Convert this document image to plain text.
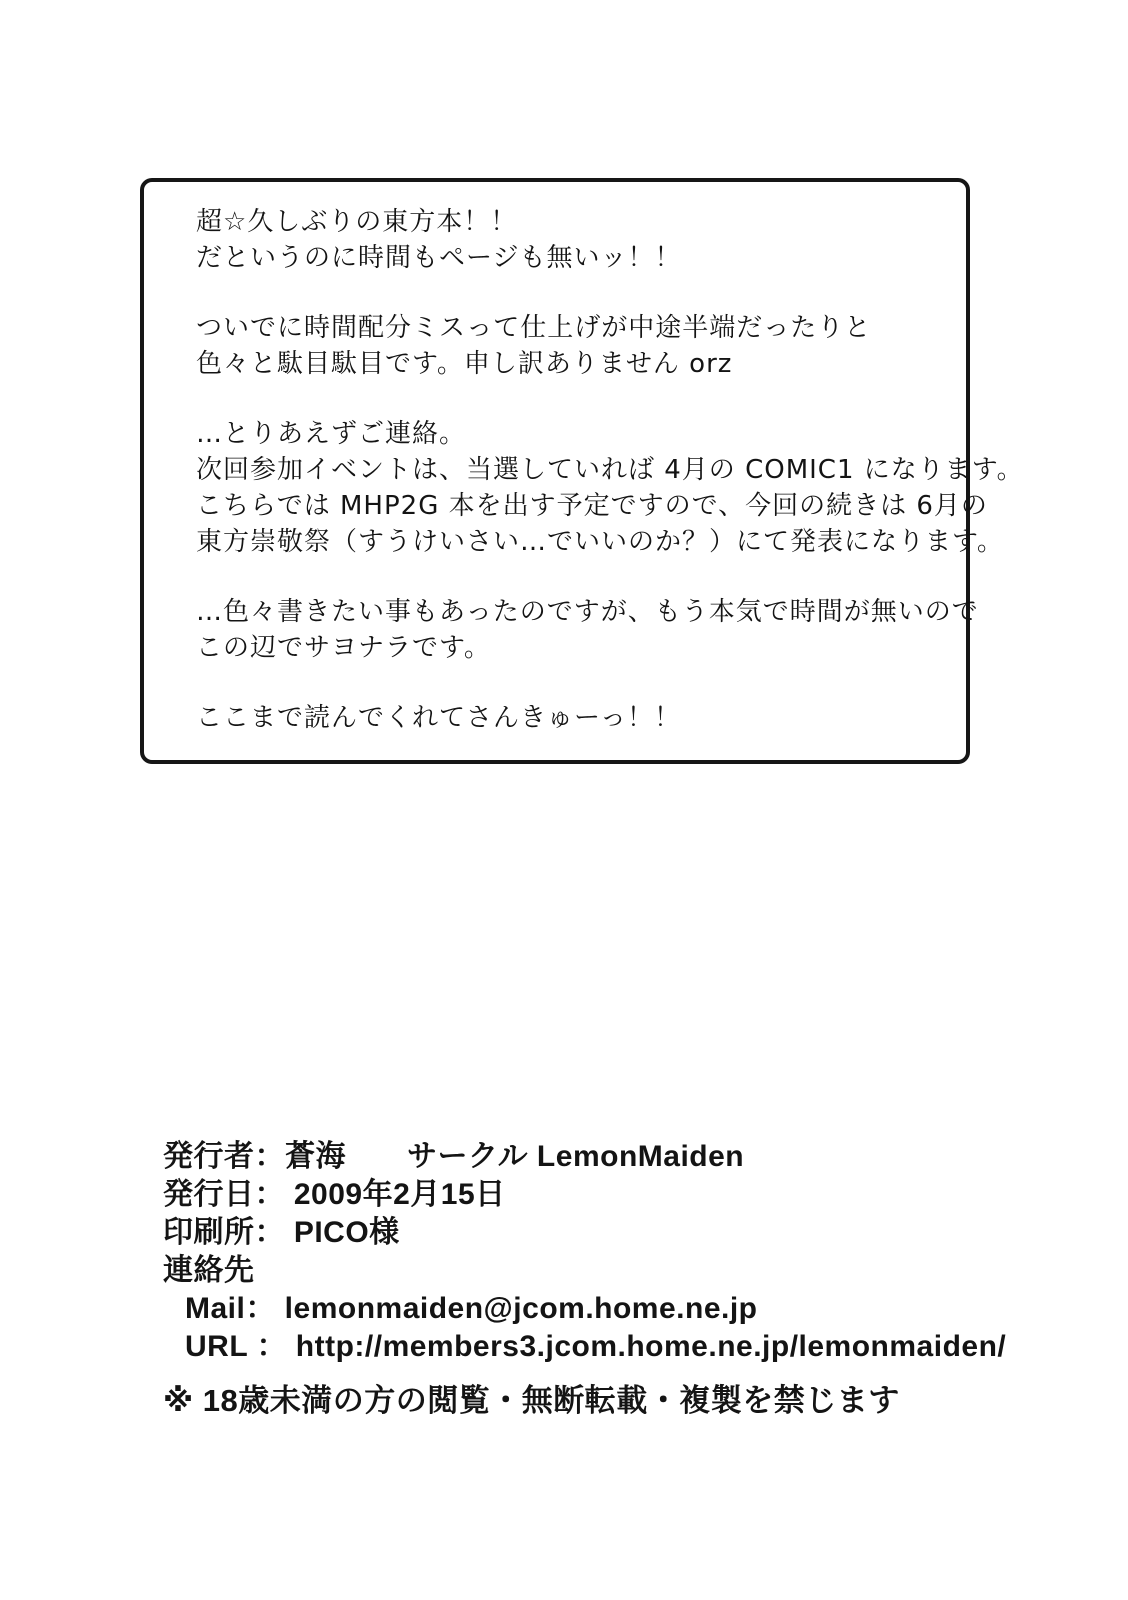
超☆久しぶりの東方本！！
だというのに時間もページも無いッ！！

ついでに時間配分ミスって仕上げが中途半端だったりと
色々と駄目駄目です。申し訳ありません orz

…とりあえずご連絡。
次回参加イベントは、当選していれば 4月の COMIC1 になります。
こちらでは MHP2G 本を出す予定ですので、今回の続きは 6月の
東方崇敬祭（すうけいさい…でいいのか？）にて発表になります。

…色々書きたい事もあったのですが、もう本気で時間が無いので
この辺でサヨナラです。

ここまで読んでくれてさんきゅーっ！！

発行者：蒼海　　サークル LemonMaiden
発行日： 2009年2月15日
印刷所： PICO様
連絡先
Mail： lemonmaiden@jcom.home.ne.jp
URL ： http://members3.jcom.home.ne.jp/lemonmaiden/
※ 18歳未満の方の閲覧・無断転載・複製を禁じます
